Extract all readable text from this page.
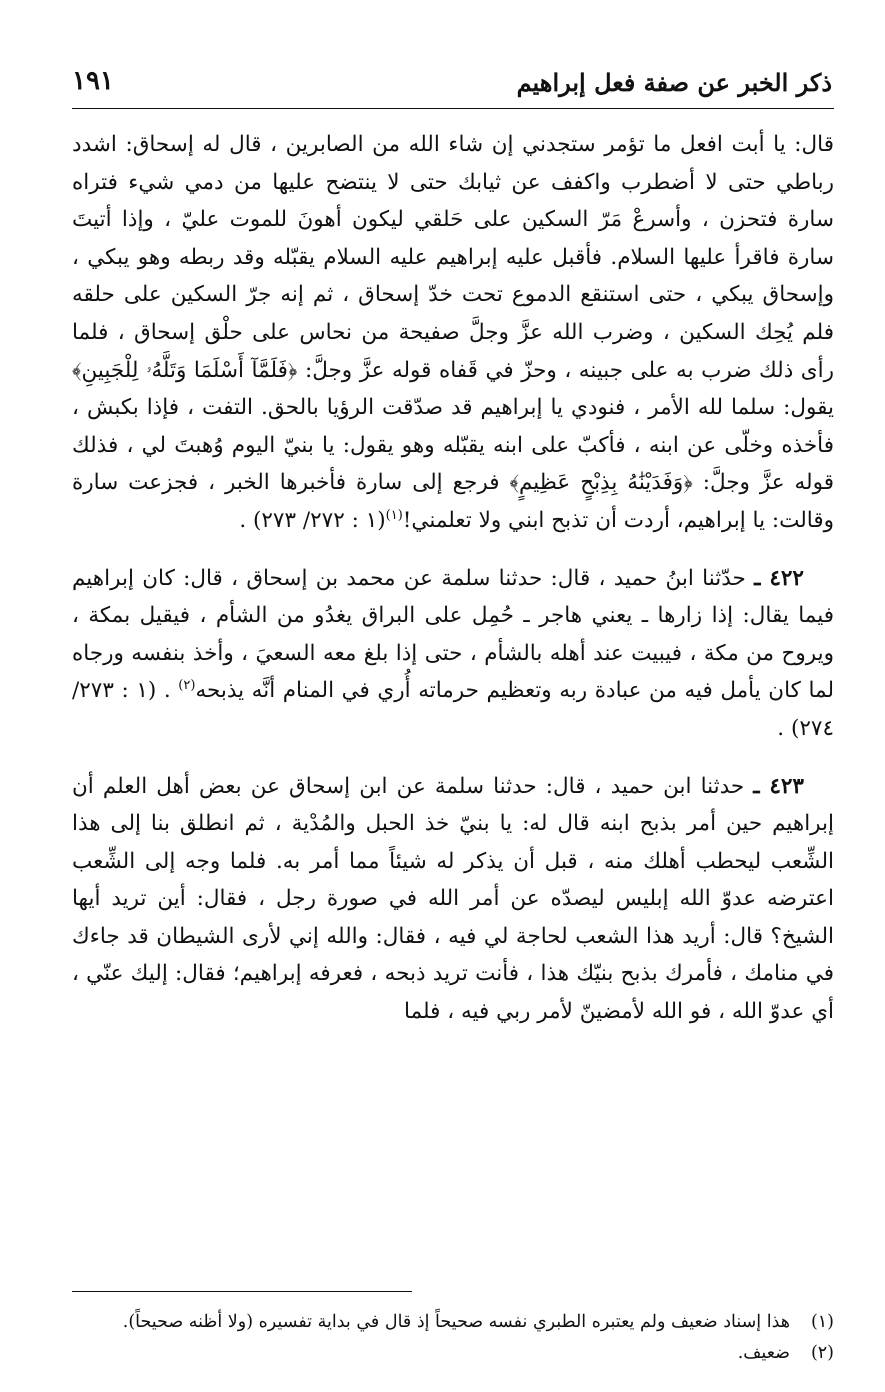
ذكر الخبر عن صفة فعل إبراهيم
١٩١

قال: يا أبت افعل ما تؤمر ستجدني إن شاء الله من الصابرين ، قال له إسحاق: اشدد رباطي حتى لا أضطرب واكفف عن ثيابك حتى لا ينتضح عليها من دمي شيء فتراه سارة فتحزن ، وأسرعْ مَرّ السكين على حَلقي ليكون أهونَ للموت عليّ ، وإذا أتيتَ سارة فاقرأ عليها السلام. فأقبل عليه إبراهيم عليه السلام يقبّله وقد ربطه وهو يبكي ، وإسحاق يبكي ، حتى استنقع الدموع تحت خدّ إسحاق ، ثم إنه جرّ السكين على حلقه فلم يُحِك السكين ، وضرب الله عزَّ وجلَّ صفيحة من نحاس على حلْق إسحاق ، فلما رأى ذلك ضرب به على جبينه ، وحزّ في قَفاه قوله عزَّ وجلَّ: ﴿فَلَمَّآ أَسْلَمَا وَتَلَّهُۥ لِلْجَبِينِ﴾ يقول: سلما لله الأمر ، فنودي يا إبراهيم قد صدّقت الرؤيا بالحق. التفت ، فإذا بكبش ، فأخذه وخلّى عن ابنه ، فأكبّ على ابنه يقبّله وهو يقول: يا بنيّ اليوم وُهبتَ لي ، فذلك قوله عزَّ وجلَّ: ﴿وَفَدَيْنَٰهُ بِذِبْحٍ عَظِيمٍ﴾ فرجع إلى سارة فأخبرها الخبر ، فجزعت سارة وقالت: يا إبراهيم، أردت أن تذبح ابني ولا تعلمني!$^{(١)}$(١ : ٢٧٢/ ٢٧٣) .

٤٢٢ ـ حدّثنا ابنُ حميد ، قال: حدثنا سلمة عن محمد بن إسحاق ، قال: كان إبراهيم فيما يقال: إذا زارها ـ يعني هاجر ـ حُمِل على البراق يغدُو من الشأم ، فيقيل بمكة ، ويروح من مكة ، فيبيت عند أهله بالشأم ، حتى إذا بلغ معه السعيَ ، وأخذ بنفسه ورجاه لما كان يأمل فيه من عبادة ربه وتعظيم حرماته أُري في المنام أنَّه يذبحه$^{(٢)}$ . (١ : ٢٧٣/ ٢٧٤) .

٤٢٣ ـ حدثنا ابن حميد ، قال: حدثنا سلمة عن ابن إسحاق عن بعض أهل العلم أن إبراهيم حين أمر بذبح ابنه قال له: يا بنيّ خذ الحبل والمُدْية ، ثم انطلق بنا إلى هذا الشِّعب ليحطب أهلك منه ، قبل أن يذكر له شيئاً مما أمر به. فلما وجه إلى الشِّعب اعترضه عدوّ الله إبليس ليصدّه عن أمر الله في صورة رجل ، فقال: أين تريد أيها الشيخ؟ قال: أريد هذا الشعب لحاجة لي فيه ، فقال: والله إني لأرى الشيطان قد جاءك في منامك ، فأمرك بذبح بنيّك هذا ، فأنت تريد ذبحه ، فعرفه إبراهيم؛ فقال: إليك عنّي ، أي عدوّ الله ، فو الله لأمضينّ لأمر ربي فيه ، فلما

(١)
هذا إسناد ضعيف ولم يعتبره الطبري نفسه صحيحاً إذ قال في بداية تفسيره (ولا أظنه صحيحاً).
(٢)
ضعيف.
